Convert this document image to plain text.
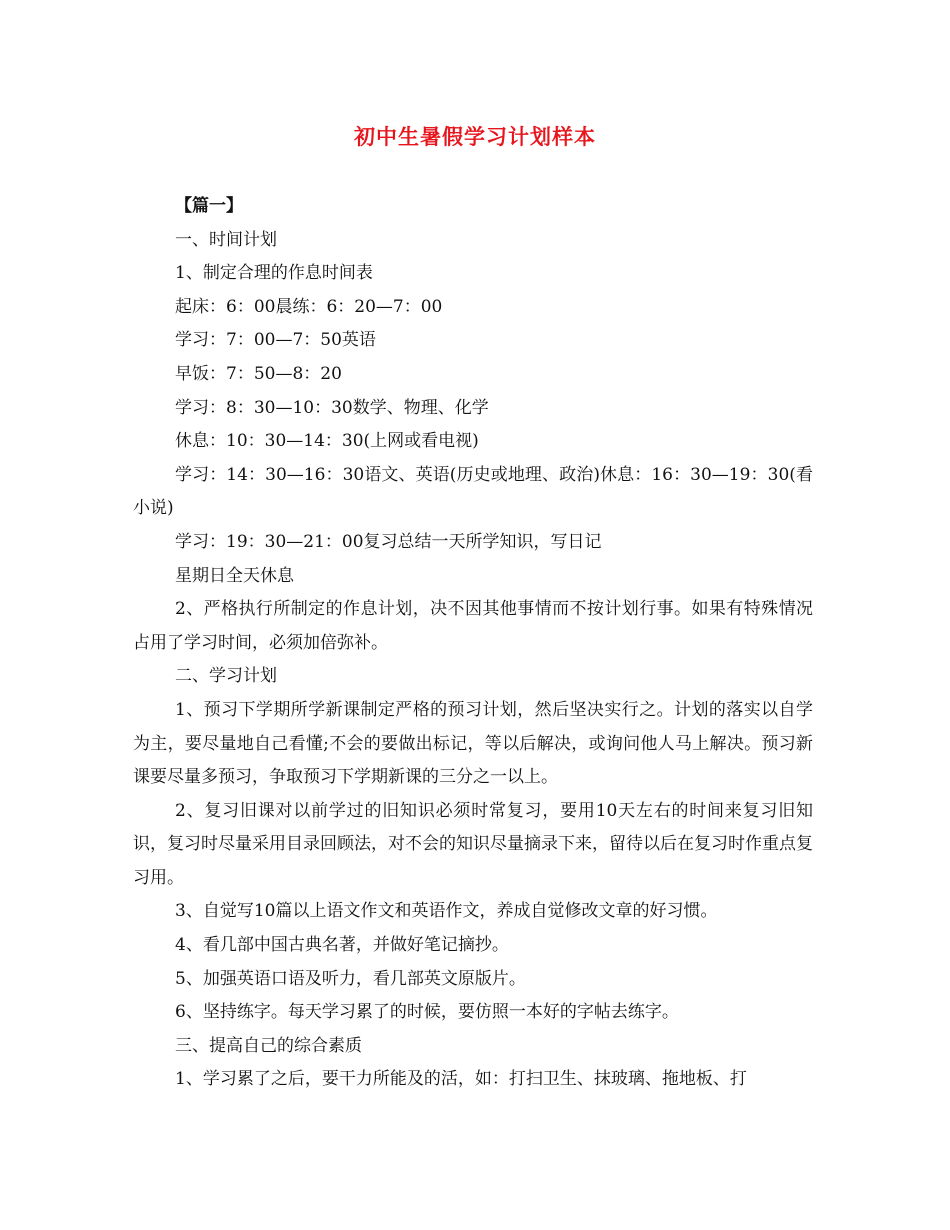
初中生暑假学习计划样本

【篇一】

一、时间计划

1、制定合理的作息时间表

起床：6：00晨练：6：20—7：00

学习：7：00—7：50英语

早饭：7：50—8：20

学习：8：30—10：30数学、物理、化学

休息：10：30—14：30(上网或看电视)

学习：14：30—16：30语文、英语(历史或地理、政治)休息：16：30—19：30(看小说)

学习：19：30—21：00复习总结一天所学知识，写日记

星期日全天休息

2、严格执行所制定的作息计划，决不因其他事情而不按计划行事。如果有特殊情况占用了学习时间，必须加倍弥补。

二、学习计划

1、预习下学期所学新课制定严格的预习计划，然后坚决实行之。计划的落实以自学为主，要尽量地自己看懂;不会的要做出标记，等以后解决，或询问他人马上解决。预习新课要尽量多预习，争取预习下学期新课的三分之一以上。

2、复习旧课对以前学过的旧知识必须时常复习，要用10天左右的时间来复习旧知识，复习时尽量采用目录回顾法，对不会的知识尽量摘录下来，留待以后在复习时作重点复习用。

3、自觉写10篇以上语文作文和英语作文，养成自觉修改文章的好习惯。

4、看几部中国古典名著，并做好笔记摘抄。

5、加强英语口语及听力，看几部英文原版片。

6、坚持练字。每天学习累了的时候，要仿照一本好的字帖去练字。

三、提高自己的综合素质

1、学习累了之后，要干力所能及的活，如：打扫卫生、抹玻璃、拖地板、打
